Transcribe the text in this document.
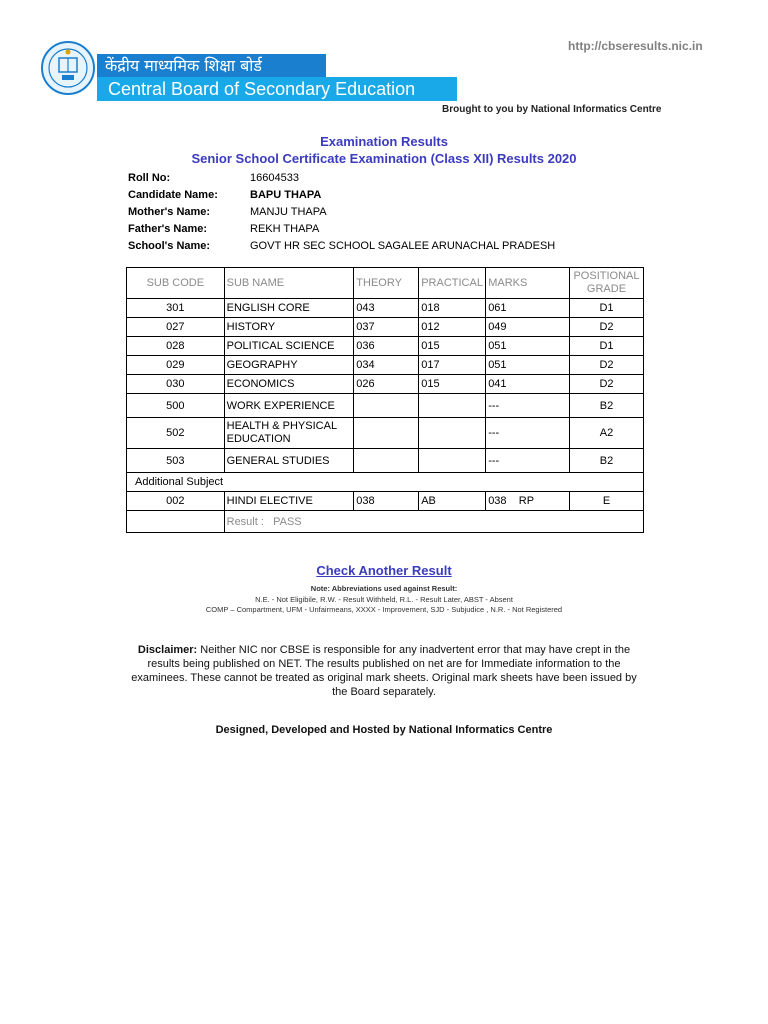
http://cbseresults.nic.in
केंद्रीय माध्यमिक शिक्षा बोर्ड
Central Board of Secondary Education
Brought to you by National Informatics Centre
Examination Results
Senior School Certificate Examination (Class XII) Results 2020
Roll No:	16604533
Candidate Name:	BAPU THAPA
Mother's Name:	MANJU THAPA
Father's Name:	REKH THAPA
School's Name:	GOVT HR SEC SCHOOL SAGALEE ARUNACHAL PRADESH
SUB CODE	SUB NAME	THEORY	PRACTICAL	MARKS	POSITIONAL
GRADE
301	ENGLISH CORE	043	018	061	D1
027	HISTORY	037	012	049	D2
028	POLITICAL SCIENCE	036	015	051	D1
029	GEOGRAPHY	034	017	051	D2
030	ECONOMICS	026	015	041	D2
500	WORK EXPERIENCE			---	B2
502	HEALTH & PHYSICAL EDUCATION			---	A2
503	GENERAL STUDIES			---	B2
Additional Subject					
002	HINDI ELECTIVE	038	AB	038 RP	E
	Result : PASS				
Check Another Result
Note: Abbreviations used against Result:
N.E. - Not Eligibile, R.W. - Result Withheld, R.L. - Result Later, ABST - Absent
COMP – Compartment, UFM - Unfairmeans, XXXX - Improvement, SJD - Subjudice , N.R. - Not Registered
Disclaimer: Neither NIC nor CBSE is responsible for any inadvertent error that may have crept in the results being published on NET. The results published on net are for Immediate information to the examinees. These cannot be treated as original mark sheets. Original mark sheets have been issued by the Board separately.
Designed, Developed and Hosted by National Informatics Centre
